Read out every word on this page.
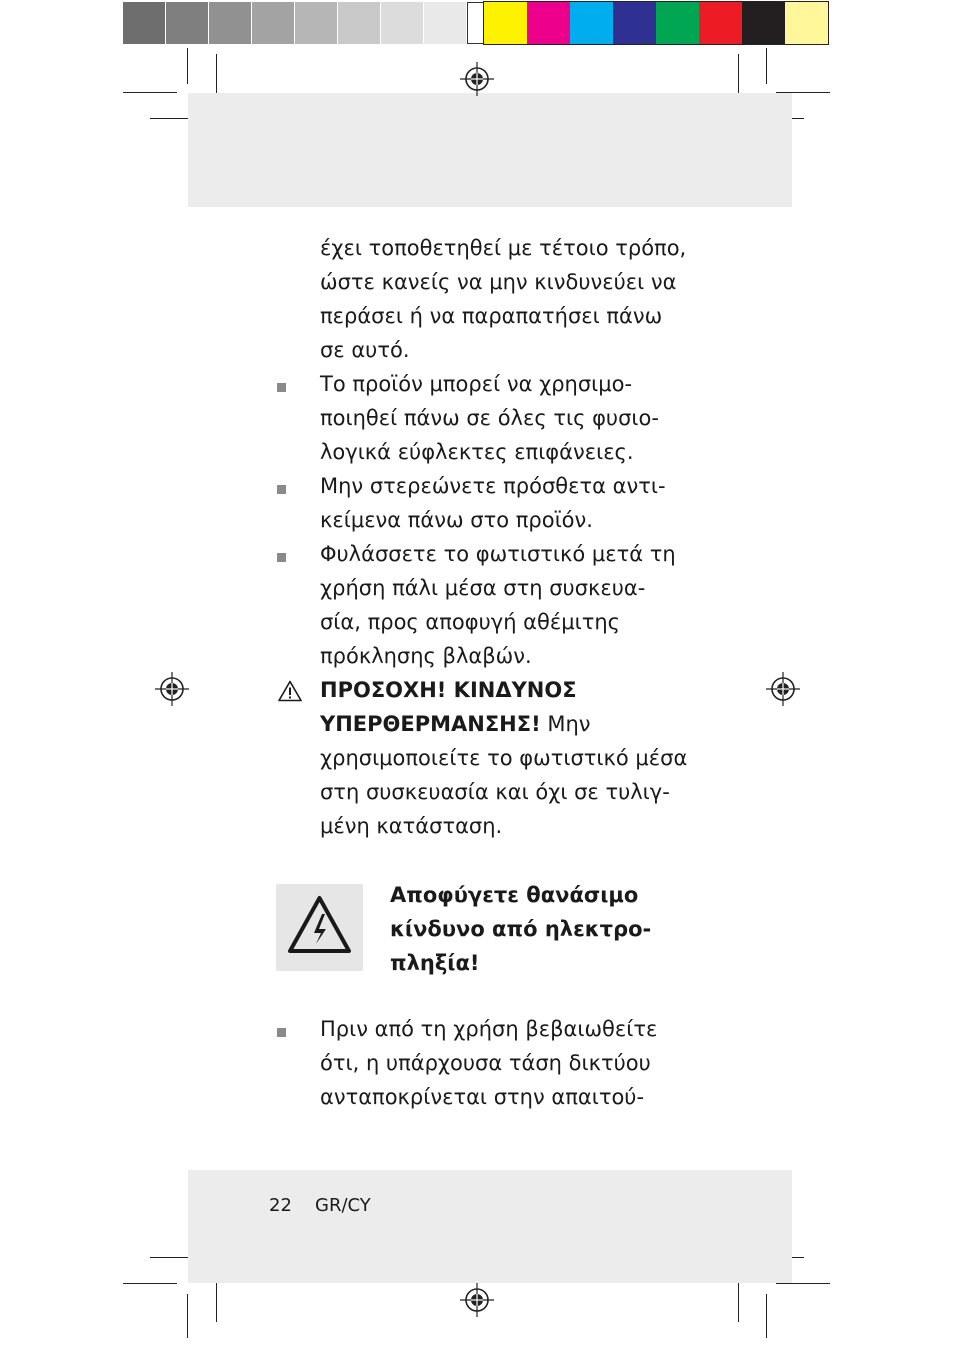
έχει τοποθετηθεί με τέτοιο τρόπο,
ώστε κανείς να μην κινδυνεύει να
περάσει ή να παραπατήσει πάνω
σε αυτό.
Το προϊόν μπορεί να χρησιμο-
ποιηθεί πάνω σε όλες τις φυσιο-
λογικά εύφλεκτες επιφάνειες.
Μην στερεώνετε πρόσθετα αντι-
κείμενα πάνω στο προϊόν.
Φυλάσσετε το φωτιστικό μετά τη
χρήση πάλι μέσα στη συσκευα-
σία, προς αποφυγή αθέμιτης
πρόκλησης βλαβών.
ΠΡΟΣΟΧΗ! ΚΙΝΔΥΝΟΣ
ΥΠΕΡΘΕΡΜΑΝΣΗΣ! Μην
χρησιμοποιείτε το φωτιστικό μέσα
στη συσκευασία και όχι σε τυλιγ-
μένη κατάσταση.
Αποφύγετε θανάσιμο
κίνδυνο από ηλεκτρο-
πληξία!
Πριν από τη χρήση βεβαιωθείτε
ότι, η υπάρχουσα τάση δικτύου
ανταποκρίνεται στην απαιτού-
22 GR/CY
